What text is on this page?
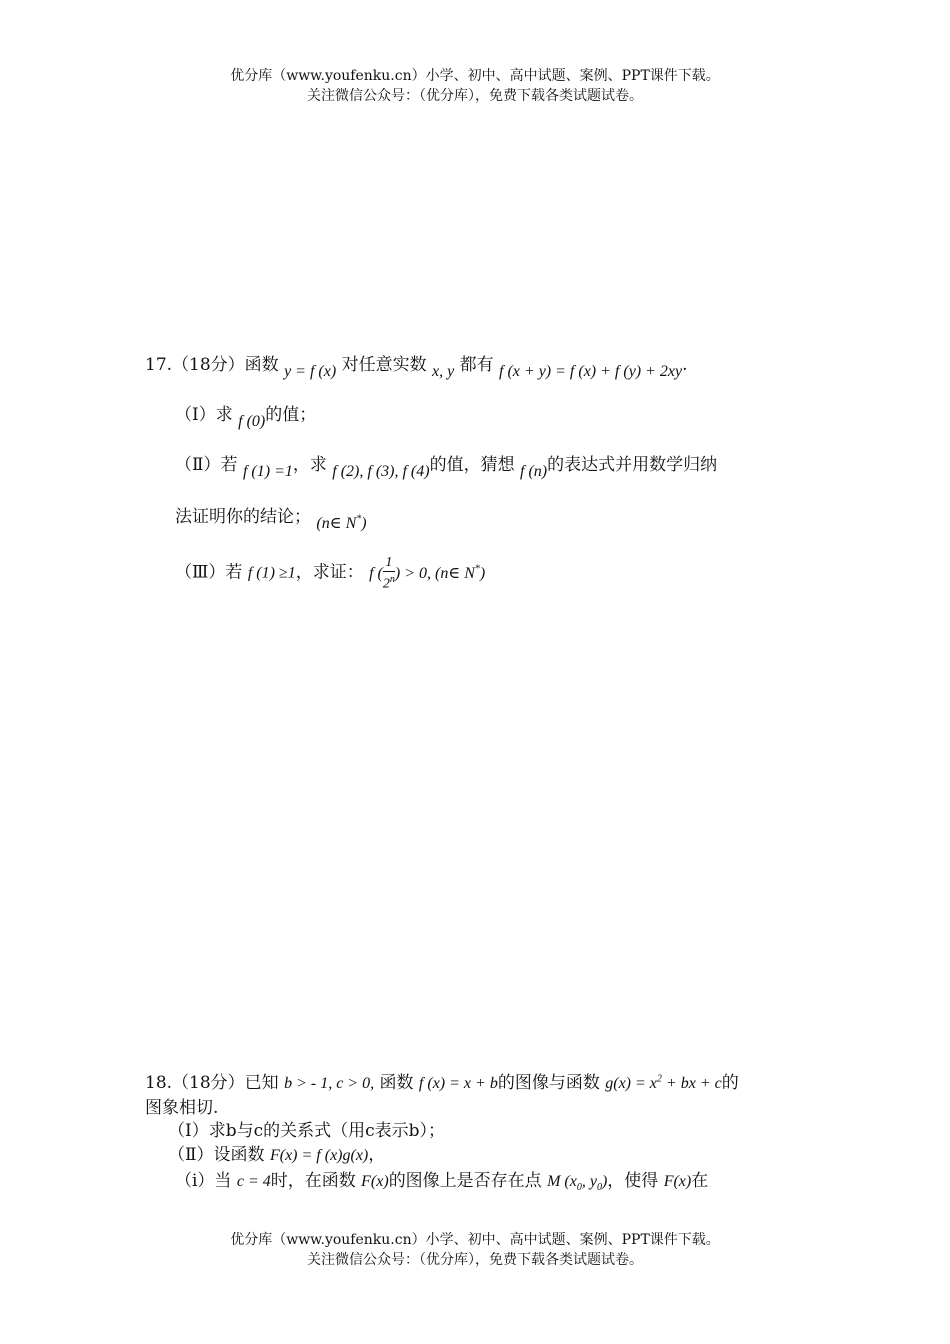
优分库（www.youfenku.cn）小学、初中、高中试题、案例、PPT课件下载。
关注微信公众号：（优分库），免费下载各类试题试卷。
17.（18分）函数 y = f (x) 对任意实数 x, y 都有 f (x + y) = f (x) + f (y) + 2xy.
（Ⅰ）求 f (0)的值；
（Ⅱ）若 f (1) =1，求 f (2), f (3), f (4)的值，猜想 f (n)的表达式并用数学归纳
法证明你的结论； (n∈ N*)
（Ⅲ）若 f (1) ≥1，求证： f ( $\frac{1}{2^n}$ ) > 0, (n∈ N*)
18.（18分）已知 b > - 1, c > 0, 函数 f (x) = x + b的图像与函数 $g(x) = x^2$ + bx + c的
图象相切.
（Ⅰ）求b与c的关系式（用c表示b）；
（Ⅱ）设函数 F(x) = f (x)g(x)，
（ⅰ）当 c = 4时，在函数 F(x)的图像上是否存在点 M ($x_0$, $y_0$)，使得 F(x)在
优分库（www.youfenku.cn）小学、初中、高中试题、案例、PPT课件下载。
关注微信公众号：（优分库），免费下载各类试题试卷。
